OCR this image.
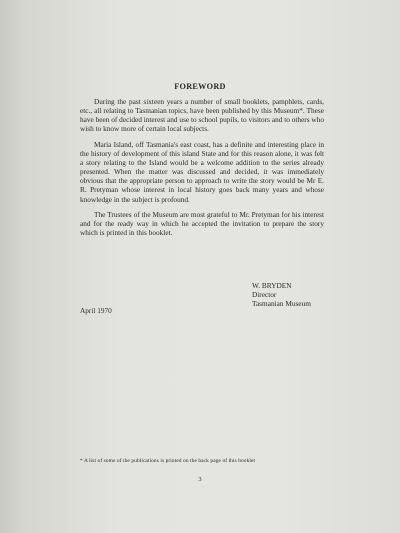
FOREWORD

During the past sixteen years a number of small booklets, pamphlets, cards, etc., all relating to Tasmanian topics, have been published by this Museum*. These have been of decided interest and use to school pupils, to visitors and to others who wish to know more of certain local subjects.

Maria Island, off Tasmania's east coast, has a definite and interesting place in the history of development of this island State and for this reason alone, it was felt a story relating to the Island would be a welcome addition to the series already presented. When the matter was discussed and decided, it was immediately obvious that the appropriate person to approach to write the story would be Mr E. R. Pretyman whose interest in local history goes back many years and whose knowledge in the subject is profound.

The Trustees of the Museum are most grateful to Mr. Pretyman for his interest and for the ready way in which he accepted the invitation to prepare the story which is printed in this booklet.

W. BRYDEN
Director
Tasmanian Museum
April 1970
* A list of some of the publications is printed on the back page of this booklet
3
